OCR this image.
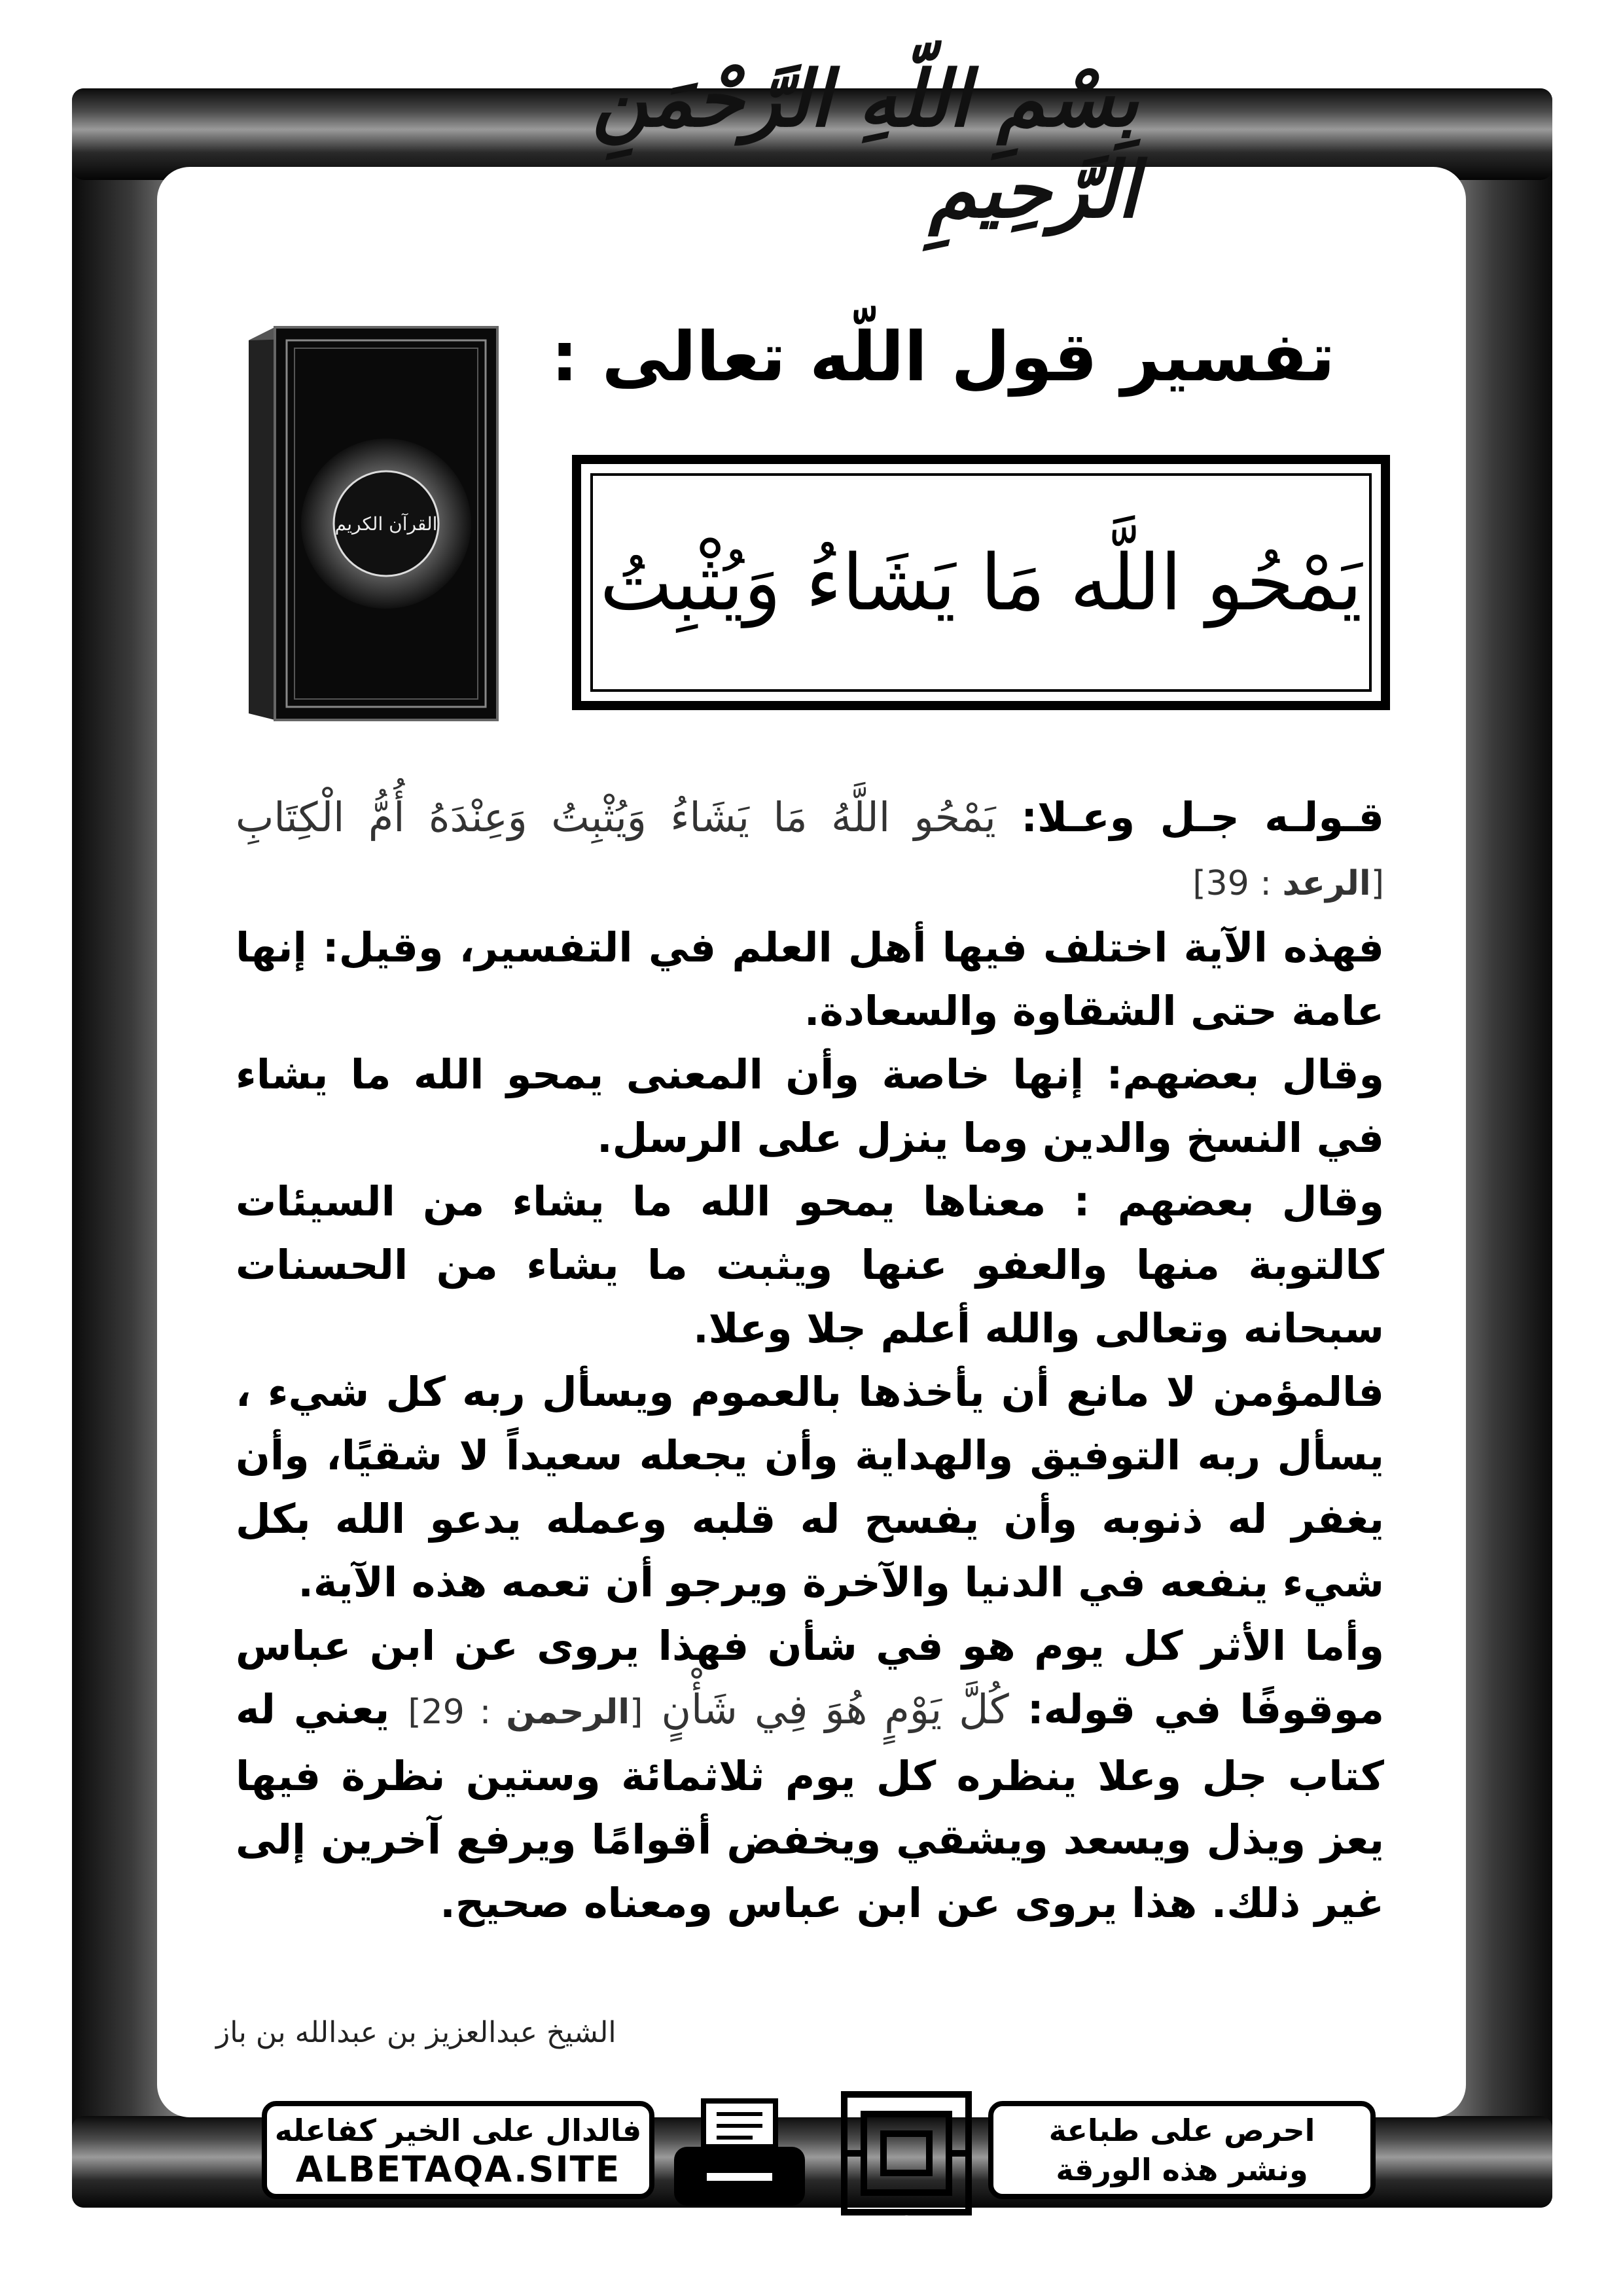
بِسْمِ اللّهِ الرَّحْمَنِ الرَّحِيمِ
تفسير قول اللّه تعالى :
يَمْحُو اللَّه مَا يَشَاءُ وَيُثْبِتُ
القرآن الكريم

قـولـه جـل وعـلا: يَمْحُو اللَّهُ مَا يَشَاءُ وَيُثْبِتُ وَعِنْدَهُ أُمُّ الْكِتَابِ [الرعد : 39]

فهذه الآية اختلف فيها أهل العلم في التفسير، وقيل: إنها عامة حتى الشقاوة والسعادة.

وقال بعضهم: إنها خاصة وأن المعنى يمحو الله ما يشاء في النسخ والدين وما ينزل على الرسل.

وقال بعضهم : معناها يمحو الله ما يشاء من السيئات كالتوبة منها والعفو عنها ويثبت ما يشاء من الحسنات سبحانه وتعالى والله أعلم جلا وعلا.

فالمؤمن لا مانع أن يأخذها بالعموم ويسأل ربه كل شيء ، يسأل ربه التوفيق والهداية وأن يجعله سعيداً لا شقيًا، وأن يغفر له ذنوبه وأن يفسح له قلبه وعمله يدعو الله بكل شيء ينفعه في الدنيا والآخرة ويرجو أن تعمه هذه الآية.

وأما الأثر كل يوم هو في شأن فهذا يروى عن ابن عباس موقوفًا في قوله: كُلَّ يَوْمٍ هُوَ فِي شَأْنٍ [الرحمن : 29] يعني له كتاب جل وعلا ينظره كل يوم ثلاثمائة وستين نظرة فيها يعز ويذل ويسعد ويشقي ويخفض أقوامًا ويرفع آخرين إلى غير ذلك. هذا يروى عن ابن عباس ومعناه صحيح.

الشيخ عبدالعزيز بن عبدالله بن باز
احرص على طباعة
ونشر هذه الورقة
دعوة الورقة
فالدال على الخير كفاعله
ALBETAQA.SITE
